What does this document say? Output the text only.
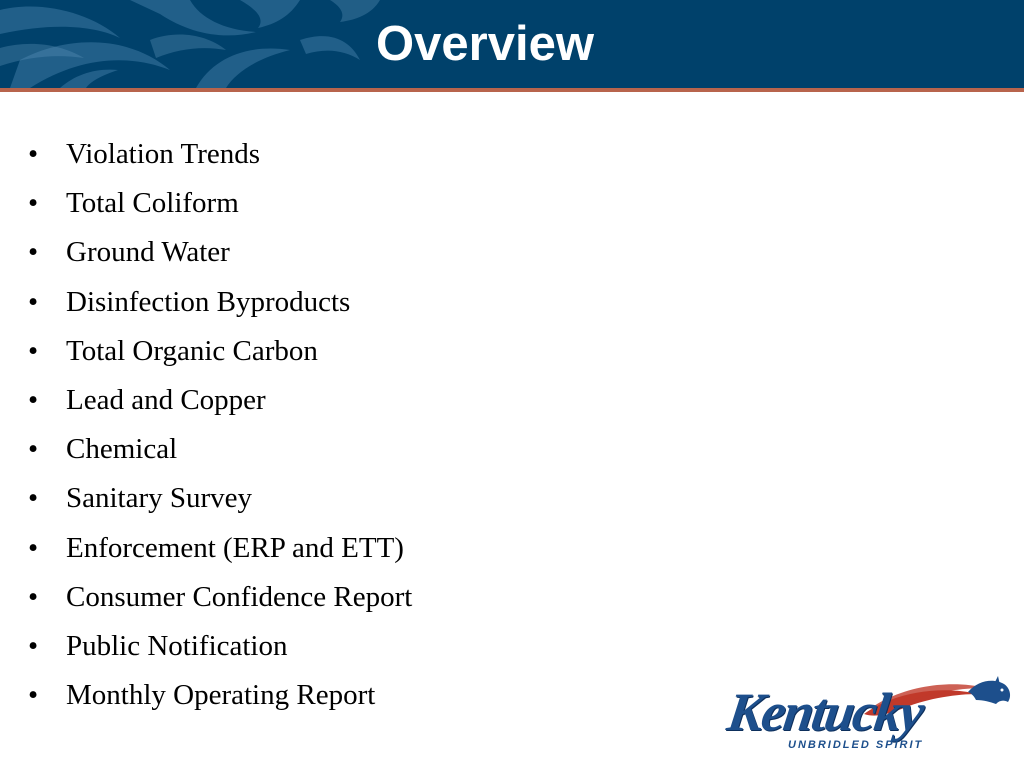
Overview
• Violation Trends
• Total Coliform
• Ground Water
• Disinfection Byproducts
• Total Organic Carbon
• Lead and Copper
• Chemical
• Sanitary Survey
• Enforcement (ERP and ETT)
• Consumer Confidence Report
• Public Notification
• Monthly Operating Report	Kentucky
UNBRIDLED SPIRIT
